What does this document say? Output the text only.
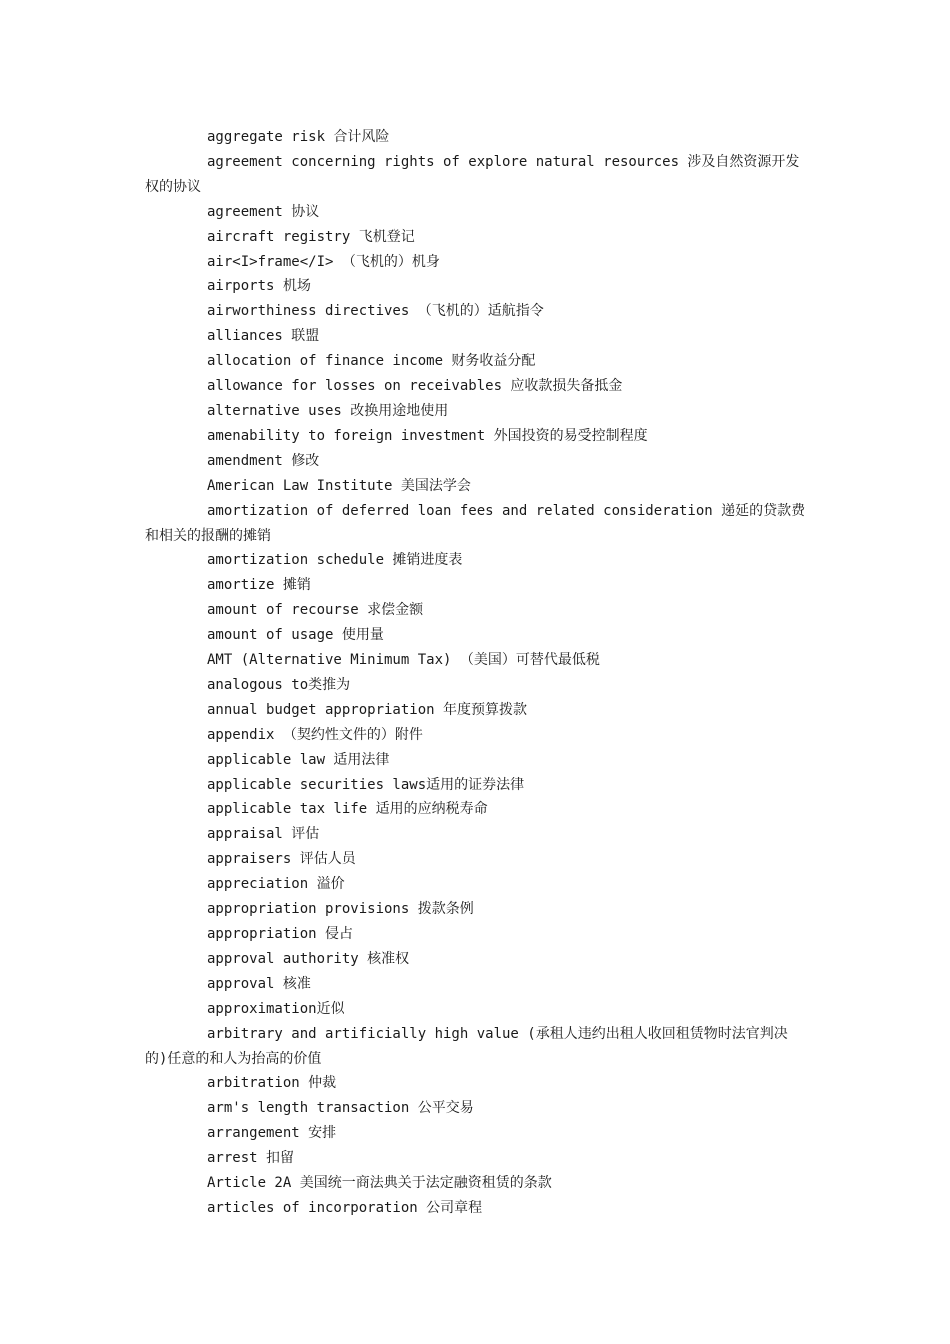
aggregate risk 合计风险
agreement concerning rights of explore natural resources 涉及自然资源开发权的协议
agreement 协议
aircraft registry 飞机登记
air<I>frame</I> （飞机的）机身
airports 机场
airworthiness directives （飞机的）适航指令
alliances 联盟
allocation of finance income 财务收益分配
allowance for losses on receivables 应收款损失备抵金
alternative uses 改换用途地使用
amenability to foreign investment 外国投资的易受控制程度
amendment 修改
American Law Institute 美国法学会
amortization of deferred loan fees and related consideration 递延的贷款费和相关的报酬的摊销
amortization schedule 摊销进度表
amortize 摊销
amount of recourse 求偿金额
amount of usage 使用量
AMT (Alternative Minimum Tax) （美国）可替代最低税
analogous to类推为
annual budget appropriation 年度预算拨款
appendix （契约性文件的）附件
applicable law 适用法律
applicable securities laws适用的证券法律
applicable tax life 适用的应纳税寿命
appraisal 评估
appraisers 评估人员
appreciation 溢价
appropriation provisions 拨款条例
appropriation 侵占
approval authority 核准权
approval 核准
approximation近似
arbitrary and artificially high value (承租人违约出租人收回租赁物时法官判决的)任意的和人为抬高的价值
arbitration 仲裁
arm's length transaction 公平交易
arrangement 安排
arrest 扣留
Article 2A 美国统一商法典关于法定融资租赁的条款
articles of incorporation 公司章程
